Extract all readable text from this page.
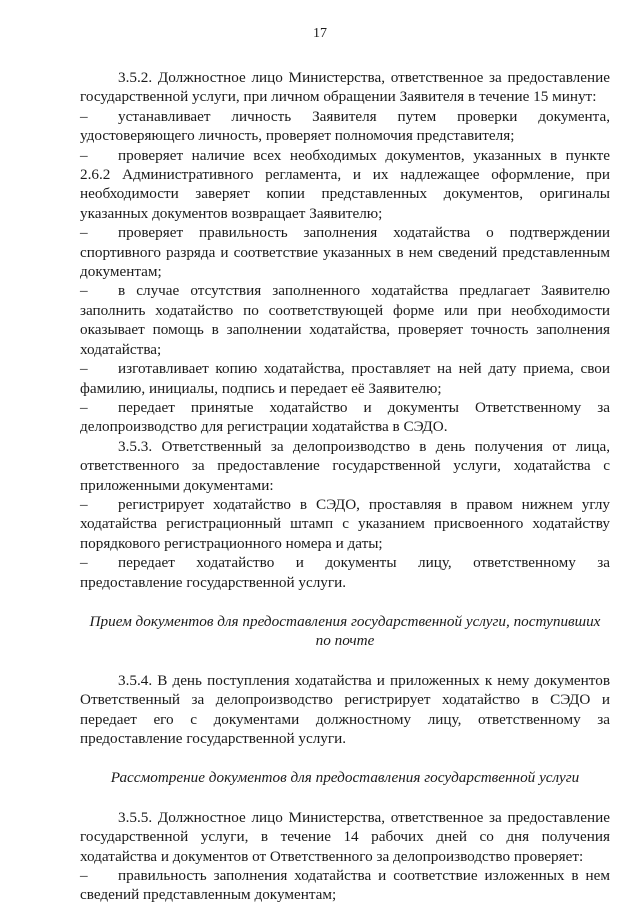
17

3.5.2. Должностное лицо Министерства, ответственное за предоставление государственной услуги, при личном обращении Заявителя в течение 15 минут:

– устанавливает личность Заявителя путем проверки документа, удостоверяющего личность, проверяет полномочия представителя;

– проверяет наличие всех необходимых документов, указанных в пункте 2.6.2 Административного регламента, и их надлежащее оформление, при необходимости заверяет копии представленных документов, оригиналы указанных документов возвращает Заявителю;

– проверяет правильность заполнения ходатайства о подтверждении спортивного разряда и соответствие указанных в нем сведений представленным документам;

– в случае отсутствия заполненного ходатайства предлагает Заявителю заполнить ходатайство по соответствующей форме или при необходимости оказывает помощь в заполнении ходатайства, проверяет точность заполнения ходатайства;

– изготавливает копию ходатайства, проставляет на ней дату приема, свои фамилию, инициалы, подпись и передает её Заявителю;

– передает принятые ходатайство и документы Ответственному за делопроизводство для регистрации ходатайства в СЭДО.

3.5.3. Ответственный за делопроизводство в день получения от лица, ответственного за предоставление государственной услуги, ходатайства с приложенными документами:

– регистрирует ходатайство в СЭДО, проставляя в правом нижнем углу ходатайства регистрационный штамп с указанием присвоенного ходатайству порядкового регистрационного номера и даты;

– передает ходатайство и документы лицу, ответственному за предоставление государственной услуги.

Прием документов для предоставления государственной услуги, поступивших по почте

3.5.4. В день поступления ходатайства и приложенных к нему документов Ответственный за делопроизводство регистрирует ходатайство в СЭДО и передает его с документами должностному лицу, ответственному за предоставление государственной услуги.

Рассмотрение документов для предоставления государственной услуги

3.5.5. Должностное лицо Министерства, ответственное за предоставление государственной услуги, в течение 14 рабочих дней со дня получения ходатайства и документов от Ответственного за делопроизводство проверяет:

– правильность заполнения ходатайства и соответствие изложенных в нем сведений представленным документам;
